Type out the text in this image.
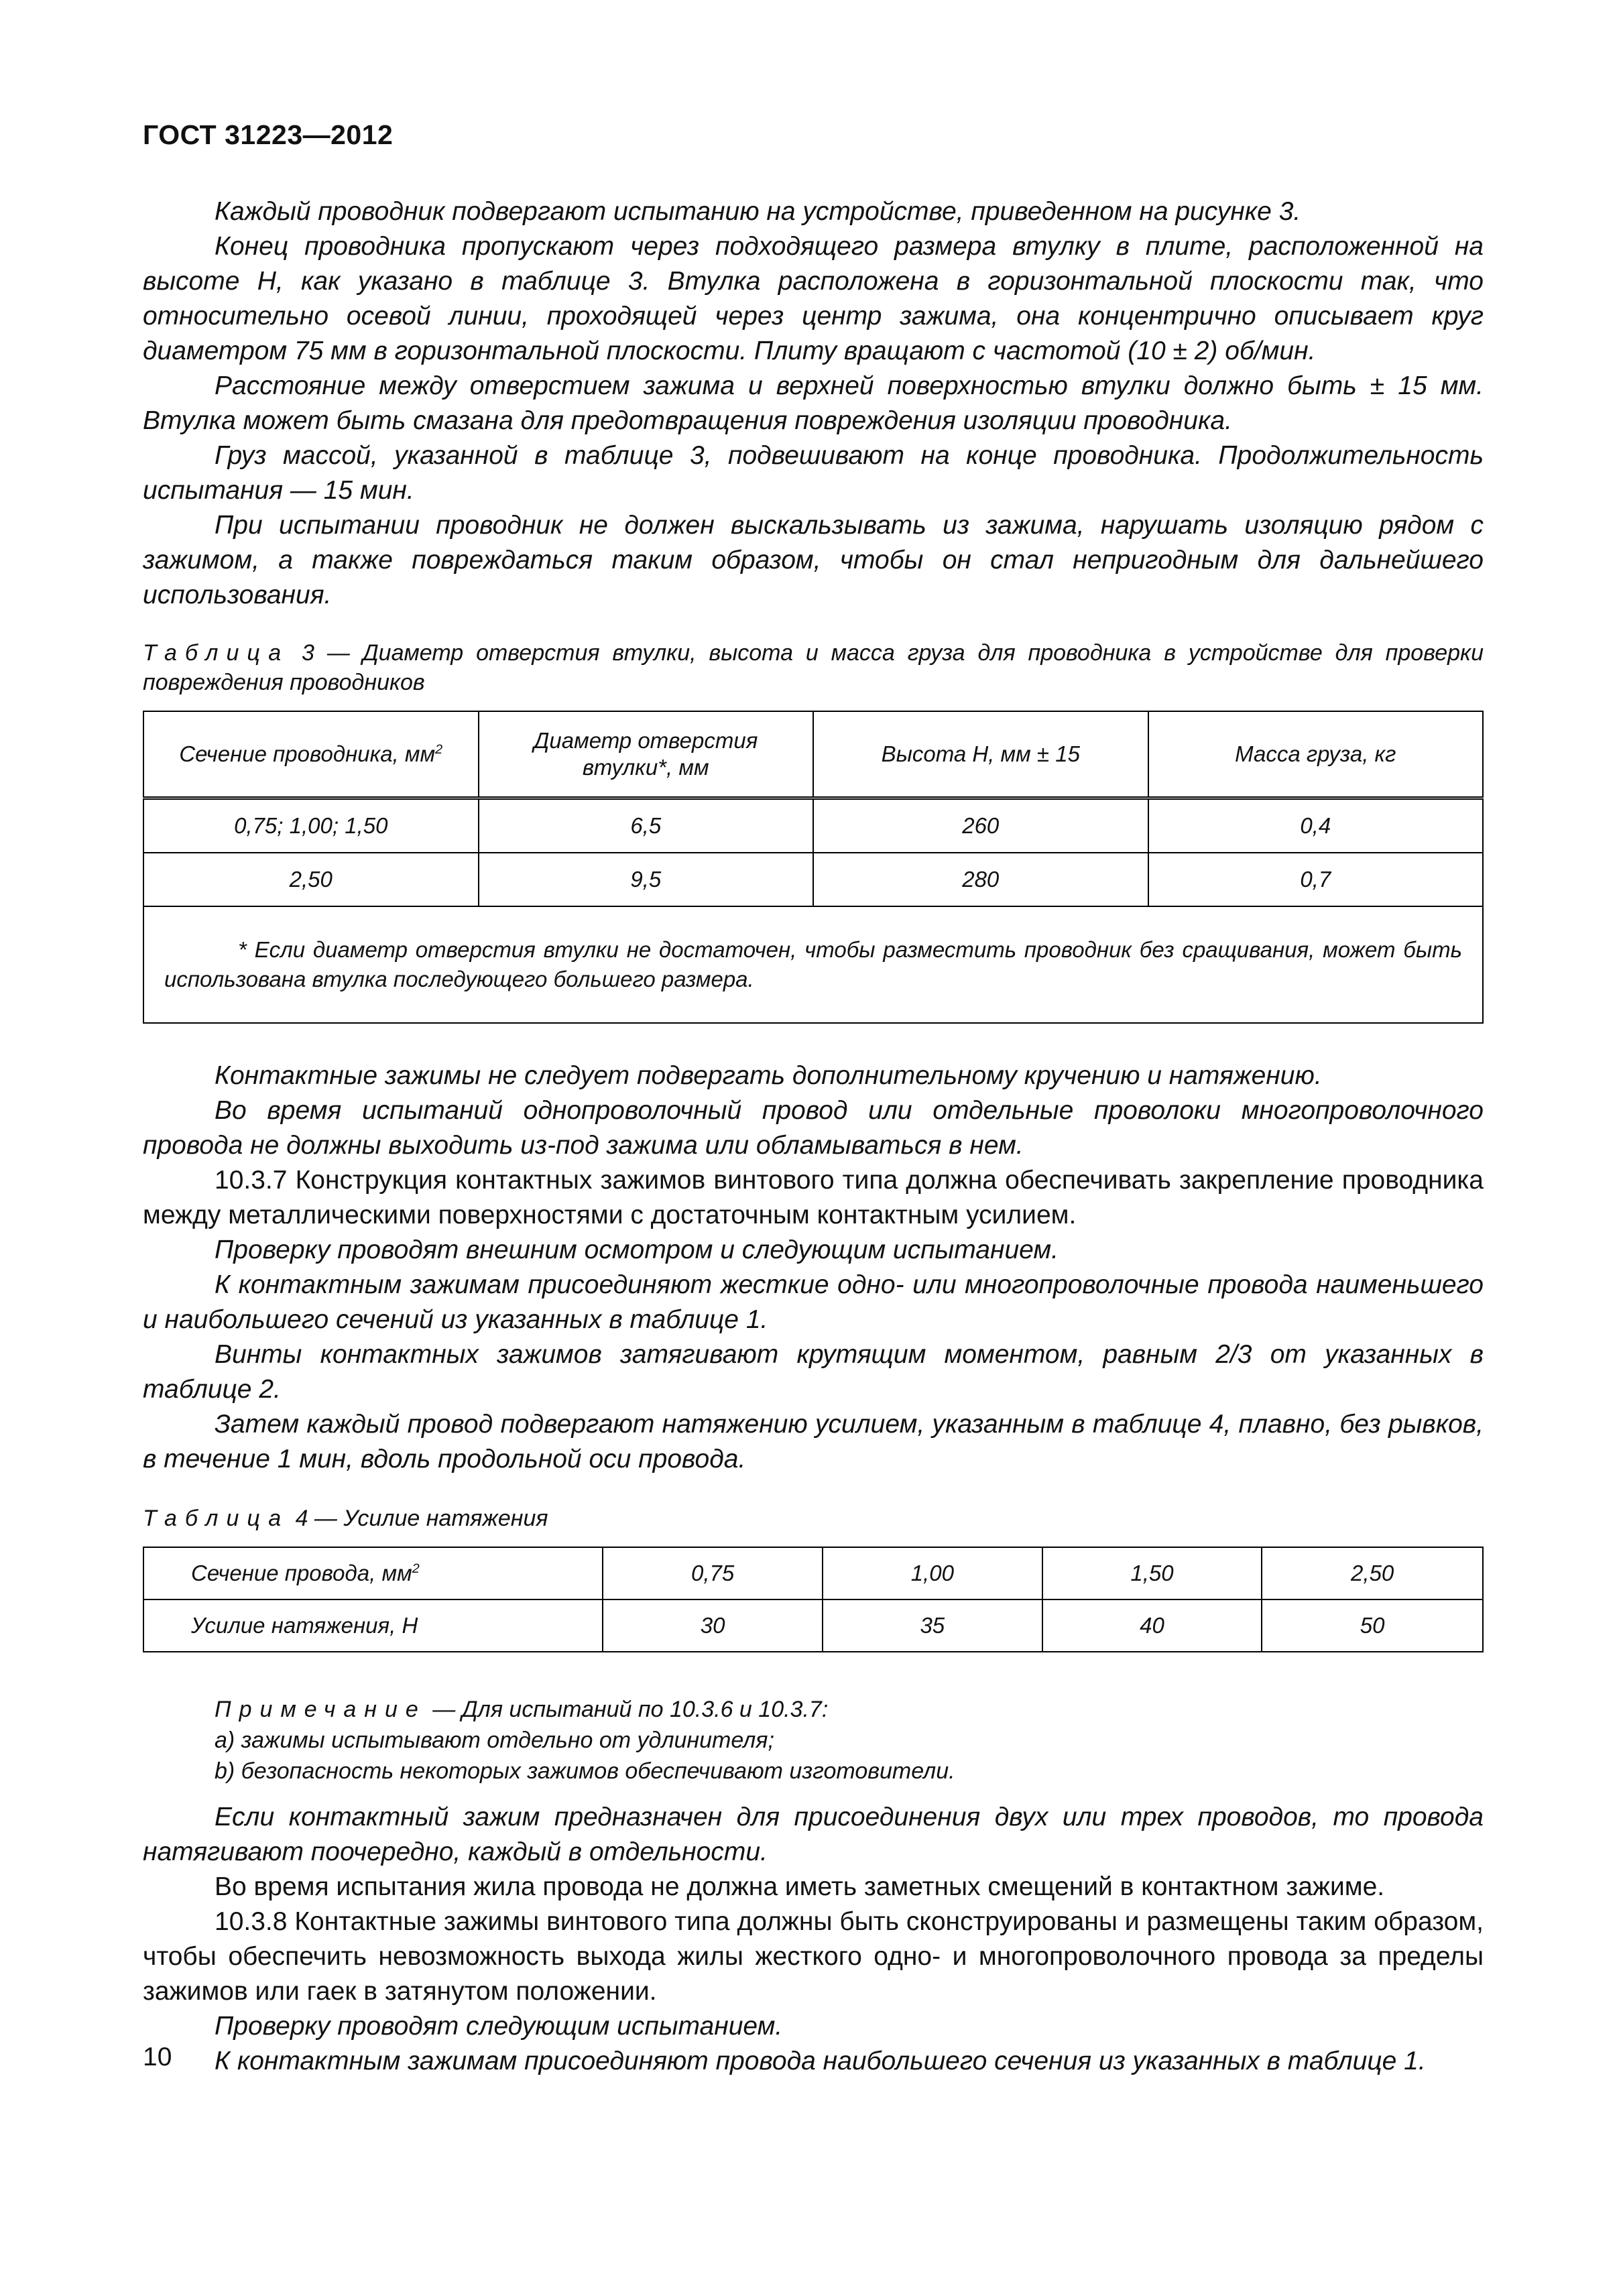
ГОСТ 31223—2012

Каждый проводник подвергают испытанию на устройстве, приведенном на рисунке 3.

Конец проводника пропускают через подходящего размера втулку в плите, расположенной на высоте H, как указано в таблице 3. Втулка расположена в горизонтальной плоскости так, что относительно осевой линии, проходящей через центр зажима, она концентрично описывает круг диаметром 75 мм в горизонтальной плоскости. Плиту вращают с частотой (10 ± 2) об/мин.

Расстояние между отверстием зажима и верхней поверхностью втулки должно быть ± 15 мм. Втулка может быть смазана для предотвращения повреждения изоляции проводника.

Груз массой, указанной в таблице 3, подвешивают на конце проводника. Продолжительность испытания — 15 мин.

При испытании проводник не должен выскальзывать из зажима, нарушать изоляцию рядом с зажимом, а также повреждаться таким образом, чтобы он стал непригодным для дальнейшего использования.

Таблица 3 — Диаметр отверстия втулки, высота и масса груза для проводника в устройстве для проверки повреждения проводников
Сечение проводника, $мм^2$	Диаметр отверстия втулки*, мм	Высота H, мм ± 15	Масса груза, кг
0,75; 1,00; 1,50	6,5	260	0,4
2,50	9,5	280	0,7

* Если диаметр отверстия втулки не достаточен, чтобы разместить проводник без сращивания, может быть использована втулка последующего большего размера.			

Контактные зажимы не следует подвергать дополнительному кручению и натяжению.

Во время испытаний однопроволочный провод или отдельные проволоки многопроволочного провода не должны выходить из-под зажима или обламываться в нем.

10.3.7 Конструкция контактных зажимов винтового типа должна обеспечивать закрепление проводника между металлическими поверхностями с достаточным контактным усилием.

Проверку проводят внешним осмотром и следующим испытанием.

К контактным зажимам присоединяют жесткие одно- или многопроволочные провода наименьшего и наибольшего сечений из указанных в таблице 1.

Винты контактных зажимов затягивают крутящим моментом, равным 2/3 от указанных в таблице 2.

Затем каждый провод подвергают натяжению усилием, указанным в таблице 4, плавно, без рывков, в течение 1 мин, вдоль продольной оси провода.

Таблица 4 — Усилие натяжения
Сечение провода, $мм^2$	0,75	1,00	1,50	2,50
Усилие натяжения, Н	30	35	40	50
Примечание — Для испытаний по 10.3.6 и 10.3.7:
a) зажимы испытывают отдельно от удлинителя;
b) безопасность некоторых зажимов обеспечивают изготовители.

Если контактный зажим предназначен для присоединения двух или трех проводов, то провода натягивают поочередно, каждый в отдельности.

Во время испытания жила провода не должна иметь заметных смещений в контактном зажиме.

10.3.8 Контактные зажимы винтового типа должны быть сконструированы и размещены таким образом, чтобы обеспечить невозможность выхода жилы жесткого одно- и многопроволочного провода за пределы зажимов или гаек в затянутом положении.

Проверку проводят следующим испытанием.

К контактным зажимам присоединяют провода наибольшего сечения из указанных в таблице 1.

10
